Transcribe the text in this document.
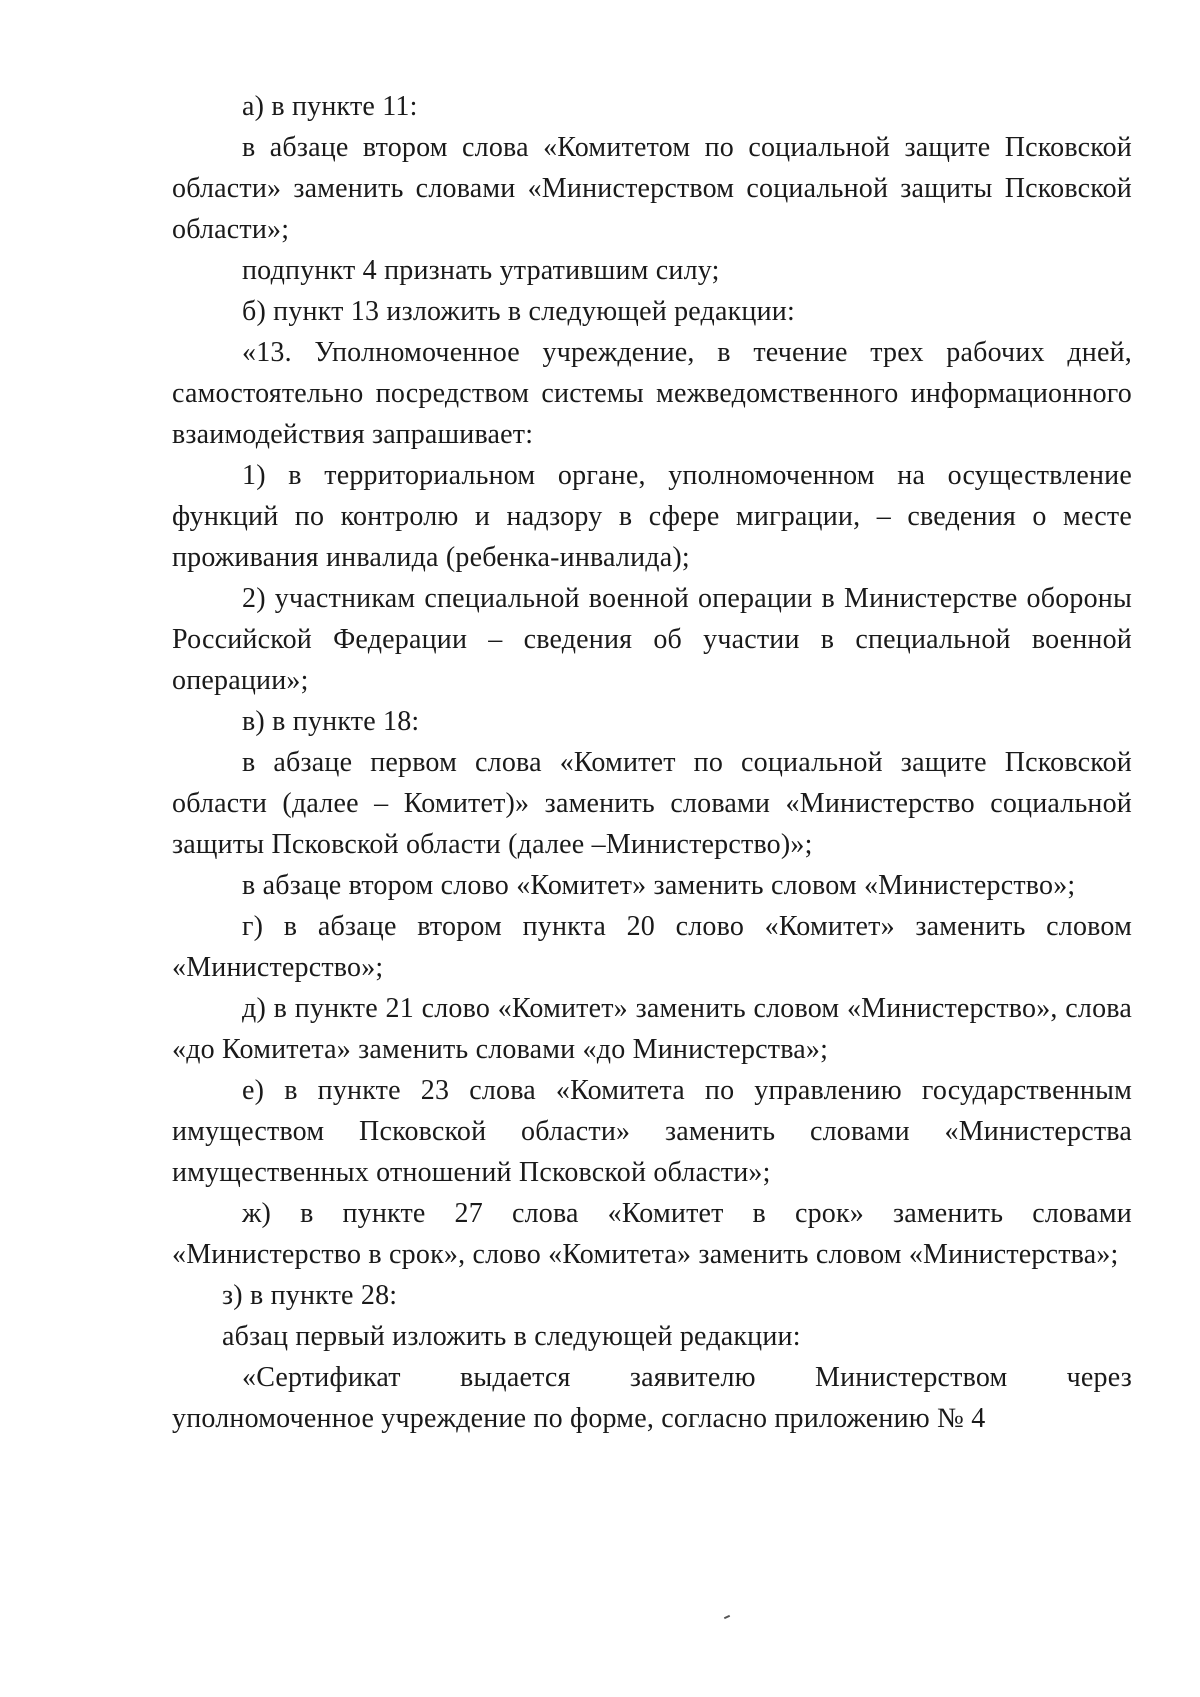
а) в пункте 11:

в абзаце втором слова «Комитетом по социальной защите Псковской области» заменить словами «Министерством социальной защиты Псковской области»;

подпункт 4 признать утратившим силу;

б) пункт 13 изложить в следующей редакции:

«13. Уполномоченное учреждение, в течение трех рабочих дней, самостоятельно посредством системы межведомственного информационного взаимодействия запрашивает:

1) в территориальном органе, уполномоченном на осуществление функций по контролю и надзору в сфере миграции, – сведения о месте проживания инвалида (ребенка-инвалида);

2) участникам специальной военной операции в Министерстве обороны Российской Федерации – сведения об участии в специальной военной операции»;

в) в пункте 18:

в абзаце первом слова «Комитет по социальной защите Псковской области (далее – Комитет)» заменить словами «Министерство социальной защиты Псковской области (далее –Министерство)»;

в абзаце втором слово «Комитет» заменить словом «Министерство»;

г) в абзаце втором пункта 20 слово «Комитет» заменить словом «Министерство»;

д) в пункте 21 слово «Комитет» заменить словом «Министерство», слова «до Комитета» заменить словами «до Министерства»;

е) в пункте 23 слова «Комитета по управлению государственным имуществом Псковской области» заменить словами «Министерства имущественных отношений Псковской области»;

ж) в пункте 27 слова «Комитет в срок» заменить словами «Министерство в срок», слово «Комитета» заменить словом «Министерства»;

з) в пункте 28:

абзац первый изложить в следующей редакции:

«Сертификат выдается заявителю Министерством через уполномоченное учреждение по форме, согласно приложению № 4
